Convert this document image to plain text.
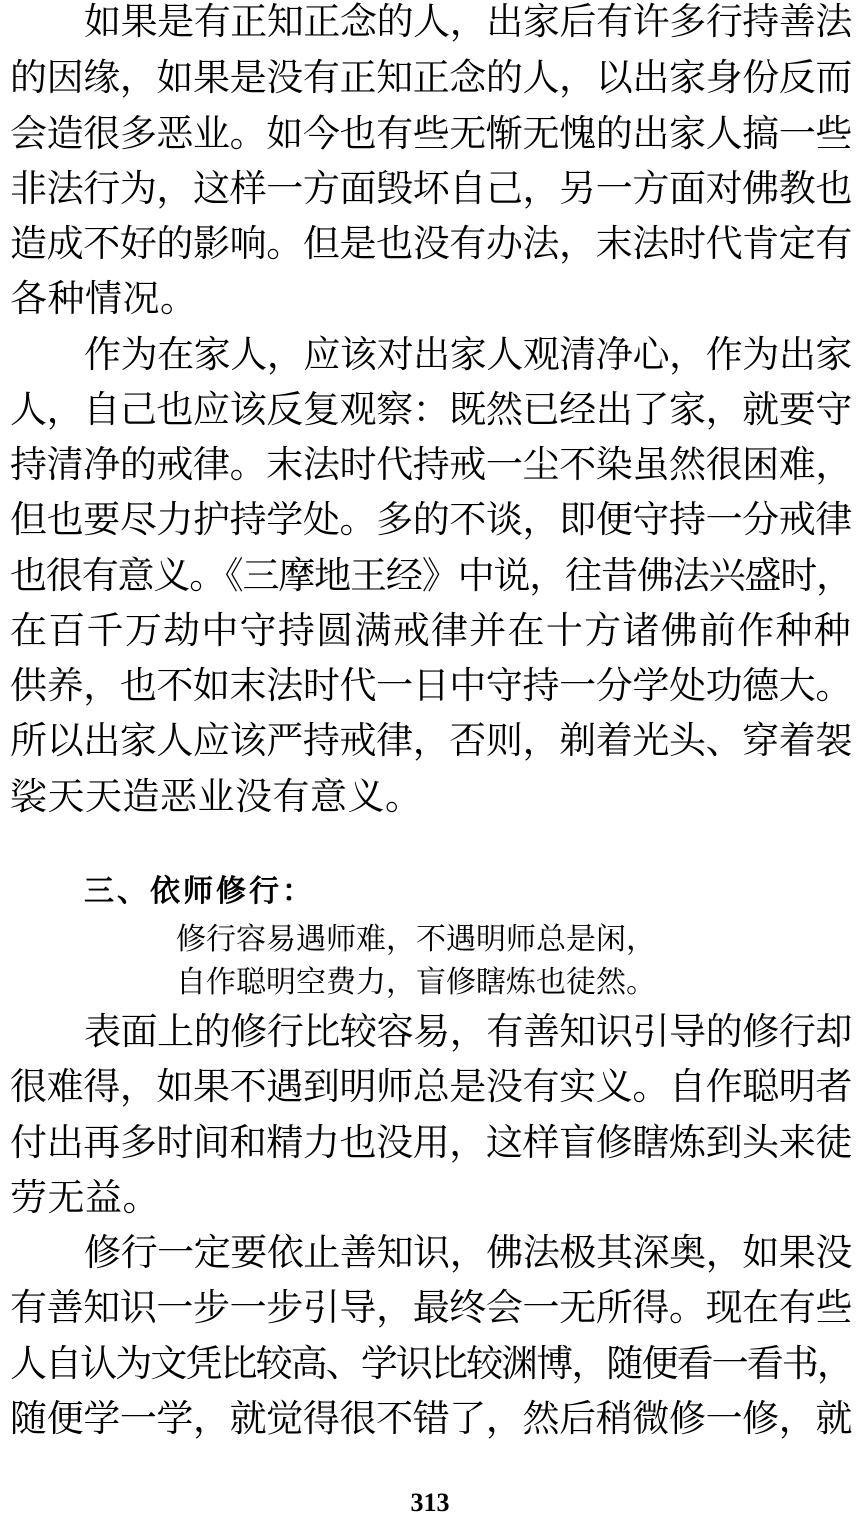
如果是有正知正念的人，出家后有许多行持善法
的因缘，如果是没有正知正念的人，以出家身份反而
会造很多恶业。如今也有些无惭无愧的出家人搞一些
非法行为，这样一方面毁坏自己，另一方面对佛教也
造成不好的影响。但是也没有办法，末法时代肯定有
各种情况。
作为在家人，应该对出家人观清净心，作为出家
人，自己也应该反复观察：既然已经出了家，就要守
持清净的戒律。末法时代持戒一尘不染虽然很困难，
但也要尽力护持学处。多的不谈，即便守持一分戒律
也很有意义。《三摩地王经》中说，往昔佛法兴盛时，
在百千万劫中守持圆满戒律并在十方诸佛前作种种
供养，也不如末法时代一日中守持一分学处功德大。
所以出家人应该严持戒律，否则，剃着光头、穿着袈
裟天天造恶业没有意义。
三、依师修行：
修行容易遇师难，不遇明师总是闲，
自作聪明空费力，盲修瞎炼也徒然。
表面上的修行比较容易，有善知识引导的修行却
很难得，如果不遇到明师总是没有实义。自作聪明者
付出再多时间和精力也没用，这样盲修瞎炼到头来徒
劳无益。
修行一定要依止善知识，佛法极其深奥，如果没
有善知识一步一步引导，最终会一无所得。现在有些
人自认为文凭比较高、学识比较渊博，随便看一看书，
随便学一学，就觉得很不错了，然后稍微修一修，就
313
